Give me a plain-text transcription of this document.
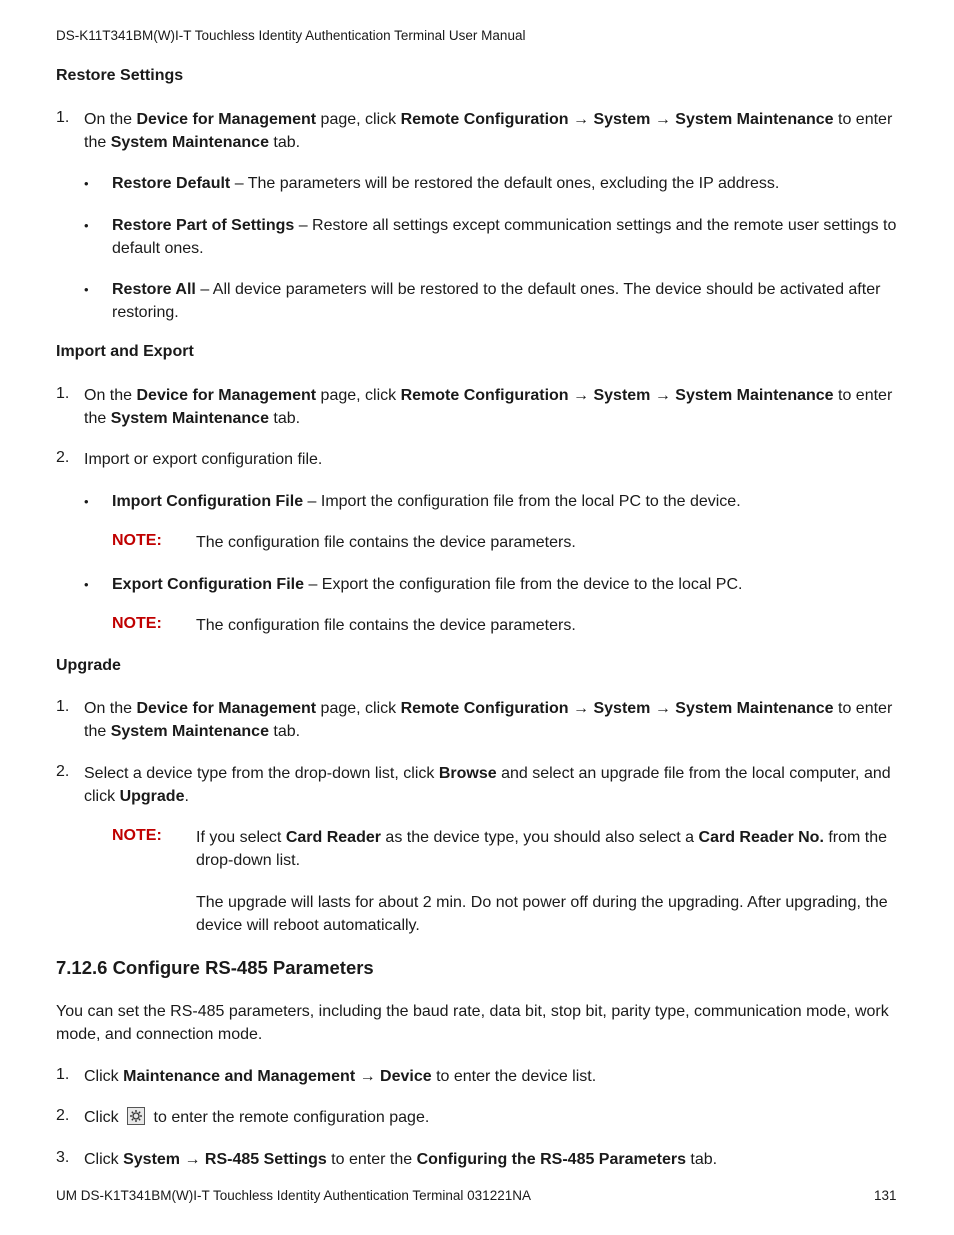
DS-K11T341BM(W)I-T Touchless Identity Authentication Terminal User Manual
Restore Settings
1. On the Device for Management page, click Remote Configuration → System → System Maintenance to enter the System Maintenance tab.
• Restore Default – The parameters will be restored the default ones, excluding the IP address.
• Restore Part of Settings – Restore all settings except communication settings and the remote user settings to default ones.
• Restore All – All device parameters will be restored to the default ones. The device should be activated after restoring.
Import and Export
1. On the Device for Management page, click Remote Configuration → System → System Maintenance to enter the System Maintenance tab.
2. Import or export configuration file.
• Import Configuration File – Import the configuration file from the local PC to the device.
NOTE: The configuration file contains the device parameters.
• Export Configuration File – Export the configuration file from the device to the local PC.
NOTE: The configuration file contains the device parameters.
Upgrade
1. On the Device for Management page, click Remote Configuration → System → System Maintenance to enter the System Maintenance tab.
2. Select a device type from the drop-down list, click Browse and select an upgrade file from the local computer, and click Upgrade.
NOTE: If you select Card Reader as the device type, you should also select a Card Reader No. from the drop-down list.
The upgrade will lasts for about 2 min. Do not power off during the upgrading. After upgrading, the device will reboot automatically.
7.12.6 Configure RS-485 Parameters
You can set the RS-485 parameters, including the baud rate, data bit, stop bit, parity type, communication mode, work mode, and connection mode.
1. Click Maintenance and Management → Device to enter the device list.
2. Click
to enter the remote configuration page.
3. Click System → RS-485 Settings to enter the Configuring the RS-485 Parameters tab.
UM DS-K1T341BM(W)I-T Touchless Identity Authentication Terminal 031221NA	131
